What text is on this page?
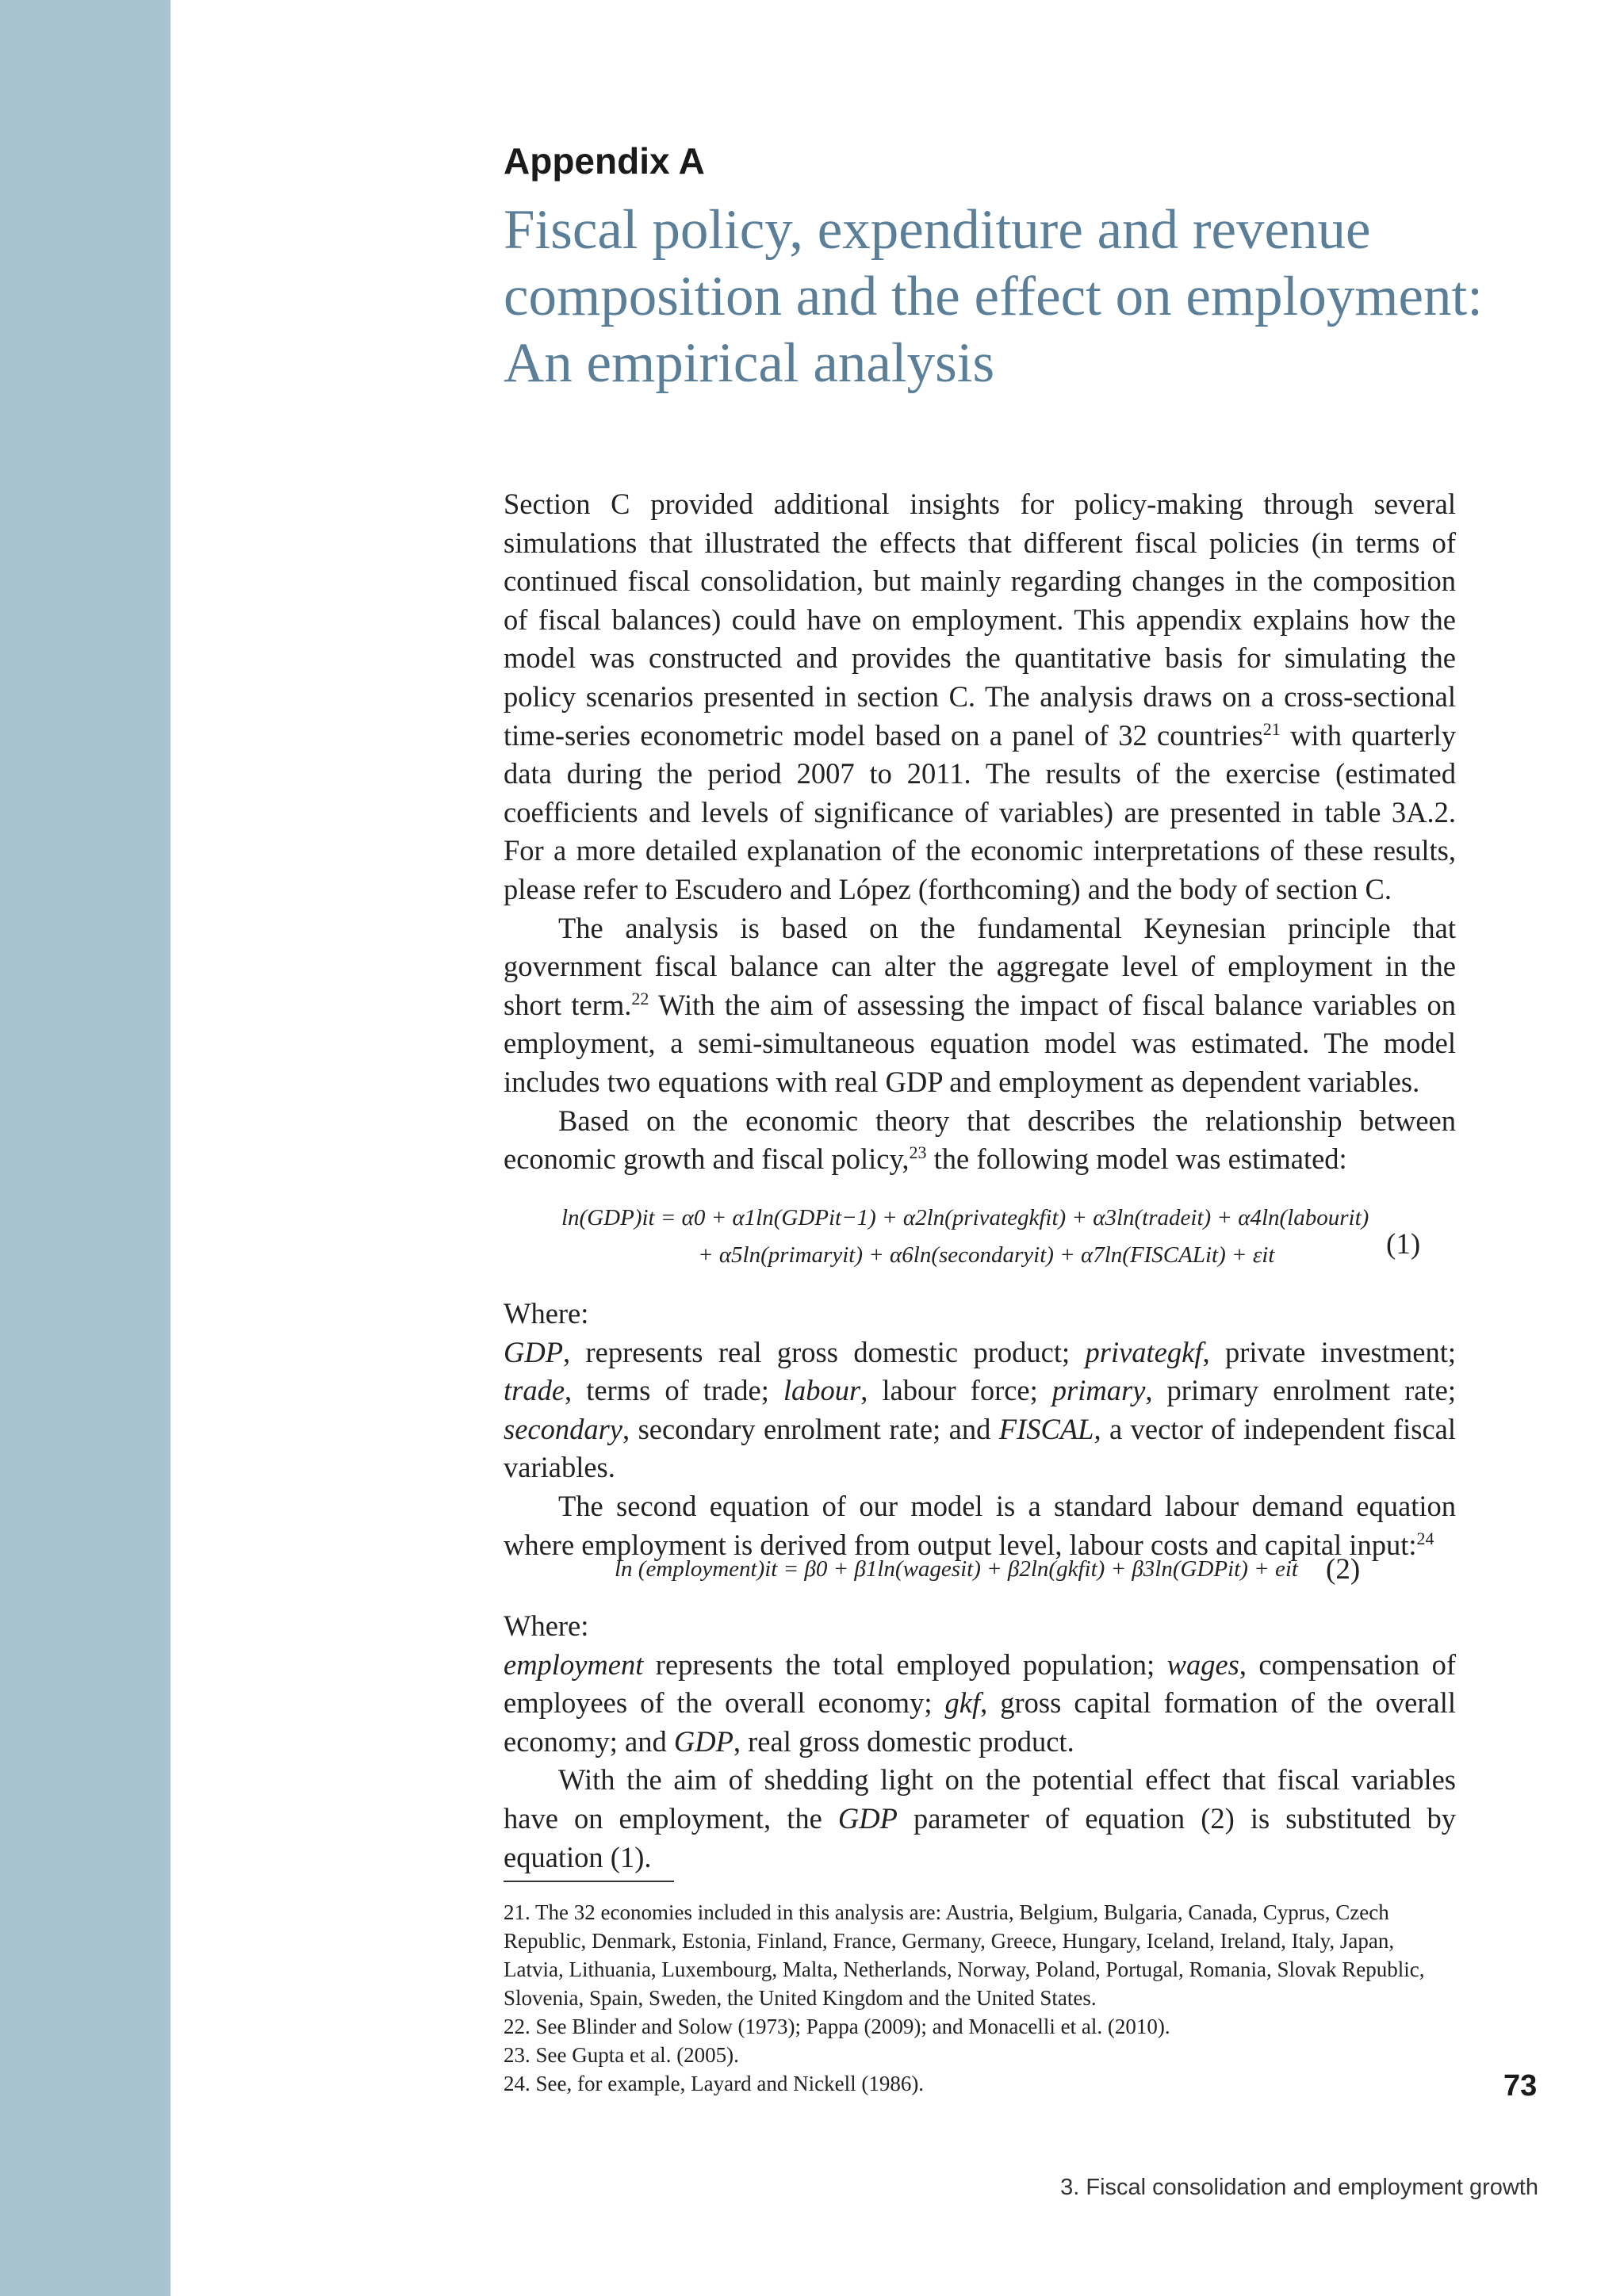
Appendix A
Fiscal policy, expenditure and revenue
composition and the effect on employment:
An empirical analysis

Section C provided additional insights for policy-making through several simulations that illustrated the effects that different fiscal policies (in terms of continued fiscal consolidation, but mainly regarding changes in the composition of fiscal balances) could have on employment. This appendix explains how the model was constructed and provides the quantitative basis for simulating the policy scenarios presented in section C. The analysis draws on a cross-sectional time-series econometric model based on a panel of 32 countries$^{21}$ with quarterly data during the period 2007 to 2011. The results of the exercise (estimated coefficients and levels of significance of variables) are presented in table 3A.2. For a more detailed explanation of the economic interpretations of these results, please refer to Escudero and López (forthcoming) and the body of section C.

The analysis is based on the fundamental Keynesian principle that government fiscal balance can alter the aggregate level of employment in the short term.$^{22}$ With the aim of assessing the impact of fiscal balance variables on employment, a semi-simultaneous equation model was estimated. The model includes two equations with real GDP and employment as dependent variables.

Based on the economic theory that describes the relationship between economic growth and fiscal policy,$^{23}$ the following model was estimated:

ln(GDP)it = α0 + α1ln(GDPit−1) + α2ln(privategkfit) + α3ln(tradeit) + α4ln(labourit)
+ α5ln(primaryit) + α6ln(secondaryit) + α7ln(FISCALit) + εit	(1)

Where:

GDP, represents real gross domestic product; privategkf, private investment; trade, terms of trade; labour, labour force; primary, primary enrolment rate; secondary, secondary enrolment rate; and FISCAL, a vector of independent fiscal variables.

The second equation of our model is a standard labour demand equation where employment is derived from output level, labour costs and capital input:$^{24}$

ln (employment)it = β0 + β1ln(wagesit) + β2ln(gkfit) + β3ln(GDPit) + eit (2)

Where:

employment represents the total employed population; wages, compensation of employees of the overall economy; gkf, gross capital formation of the overall economy; and GDP, real gross domestic product.

With the aim of shedding light on the potential effect that fiscal variables have on employment, the GDP parameter of equation (2) is substituted by equation (1).

21. The 32 economies included in this analysis are: Austria, Belgium, Bulgaria, Canada, Cyprus, Czech Republic, Denmark, Estonia, Finland, France, Germany, Greece, Hungary, Iceland, Ireland, Italy, Japan, Latvia, Lithuania, Luxembourg, Malta, Netherlands, Norway, Poland, Portugal, Romania, Slovak Republic, Slovenia, Spain, Sweden, the United Kingdom and the United States.
22. See Blinder and Solow (1973); Pappa (2009); and Monacelli et al. (2010).
23. See Gupta et al. (2005).
24. See, for example, Layard and Nickell (1986).	73
3. Fiscal consolidation and employment growth
